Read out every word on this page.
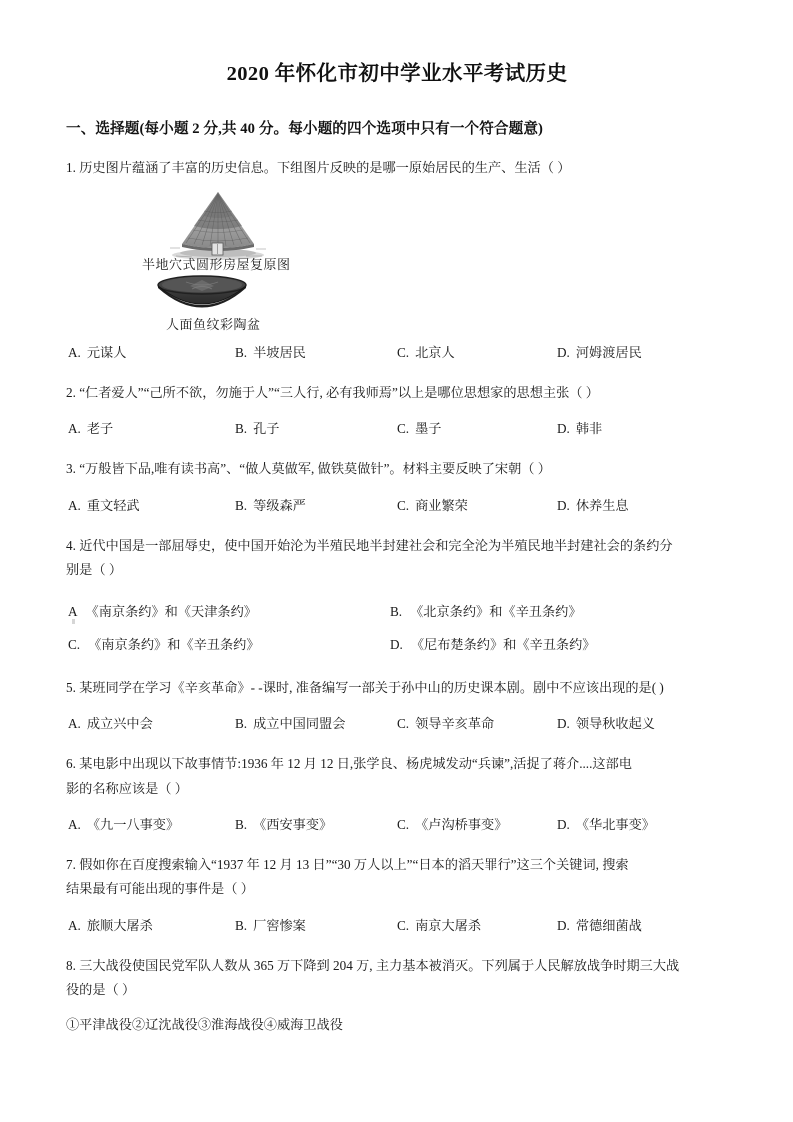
2020 年怀化市初中学业水平考试历史
一、选择题(每小题 2 分,共 40 分。每小题的四个选项中只有一个符合题意)
1. 历史图片蕴涵了丰富的历史信息。下组图片反映的是哪一原始居民的生产、生活（ ）
半地穴式圆形房屋复原图
人面鱼纹彩陶盆
A. 元谋人	B. 半坡居民	C. 北京人	D. 河姆渡居民
2. “仁者爱人”“己所不欲，勿施于人”“三人行, 必有我师焉”以上是哪位思想家的思想主张（ ）
A. 老子	B. 孔子	C. 墨子	D. 韩非
3. “万般皆下品,唯有读书高”、“做人莫做军, 做铁莫做针”。材料主要反映了宋朝（ ）
A. 重文轻武	B. 等级森严	C. 商业繁荣	D. 休养生息
4. 近代中国是一部屈辱史，使中国开始沦为半殖民地半封建社会和完全沦为半殖民地半封建社会的条约分
别是（ ）
A 《南京条约》和《天津条约》	B. 《北京条约》和《辛丑条约》
C. 《南京条约》和《辛丑条约》	D. 《尼布楚条约》和《辛丑条约》
5. 某班同学在学习《辛亥革命》- -课时, 准备编写一部关于孙中山的历史课本剧。剧中不应该出现的是( )
A. 成立兴中会	B. 成立中国同盟会	C. 领导辛亥革命	D. 领导秋收起义
6. 某电影中出现以下故事情节:1936 年 12 月 12 日,张学良、杨虎城发动“兵谏”,活捉了蒋介....这部电
影的名称应该是（ ）
A. 《九一八事变》	B. 《西安事变》	C. 《卢沟桥事变》	D. 《华北事变》
7. 假如你在百度搜索输入“1937 年 12 月 13 日”“30 万人以上”“日本的滔天罪行”这三个关键词, 搜索
结果最有可能出现的事件是（ ）
A. 旅顺大屠杀	B. 厂窖惨案	C. 南京大屠杀	D. 常德细菌战
8. 三大战役使国民党军队人数从 365 万下降到 204 万, 主力基本被消灭。下列属于人民解放战争时期三大战
役的是（ ）
①平津战役②辽沈战役③淮海战役④威海卫战役
